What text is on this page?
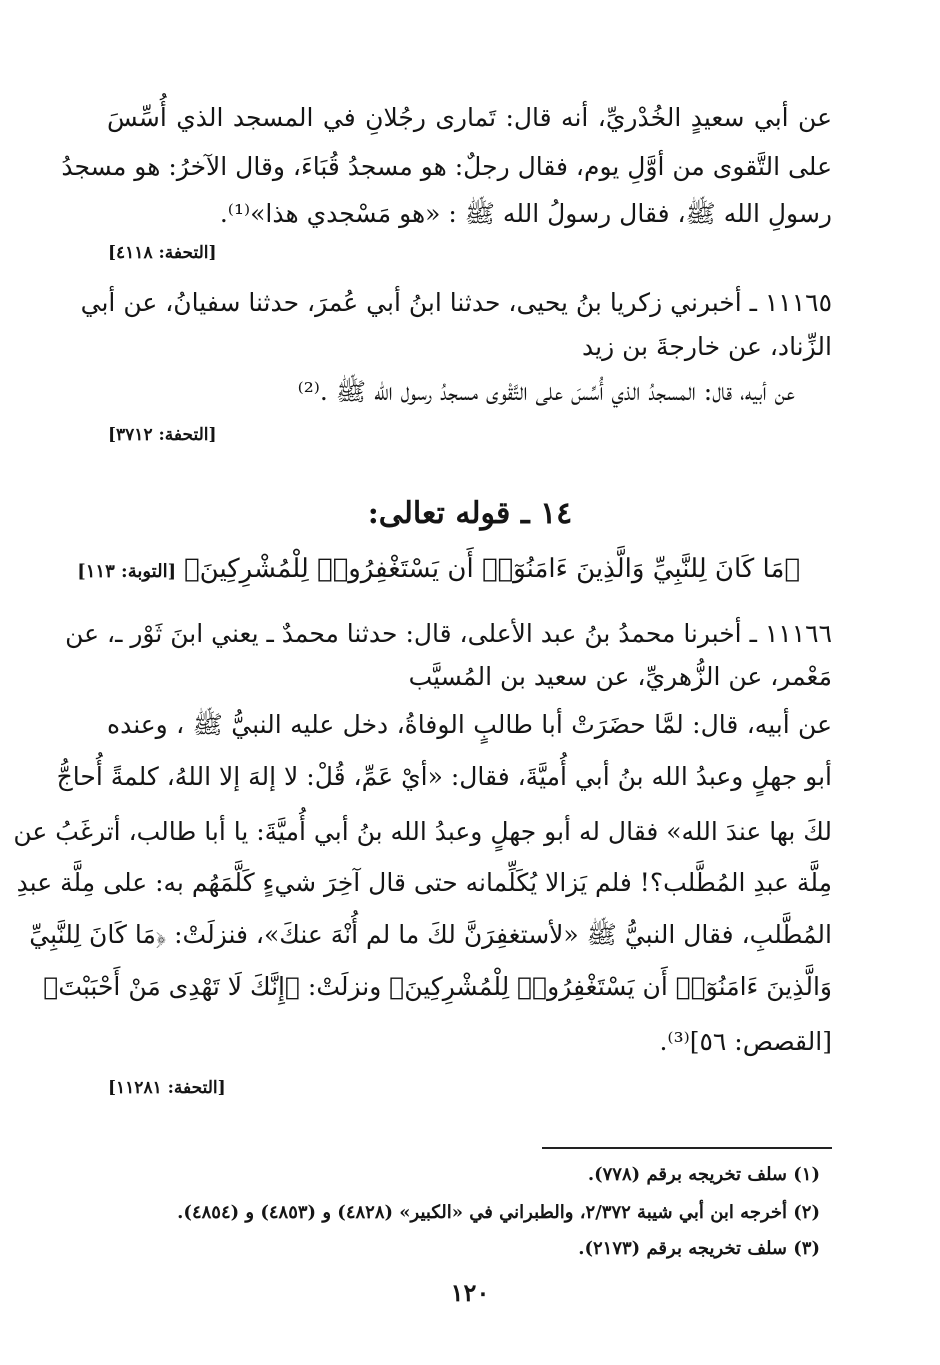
عن أبي سعيدٍ الخُدْريِّ، أنه قال: تَمارى رجُلانِ في المسجد الذي أُسِّسَ
على التَّقوى من أوَّلِ يوم، فقال رجلٌ: هو مسجدُ قُبَاءَ، وقال الآخرُ: هو مسجدُ
رسولِ الله ﷺ، فقال رسولُ الله ﷺ : «هو مَسْجدي هذا»⁽¹⁾.
[التحفة: ٤١١٨]
١١١٦٥ ـ أخبرني زكريا بنُ يحيى، حدثنا ابنُ أبي عُمرَ، حدثنا سفيانُ، عن أبي
الزِّناد، عن خارجةَ بن زيد
عن أبيه، قال: المسجدُ الذي أُسِّسَ على التَّقْوى مسجدُ رسول الله ﷺ .⁽²⁾
[التحفة: ٣٧١٢]
١٤ ـ قوله تعالى:
﴿مَا كَانَ لِلنَّبِيِّ وَالَّذِينَ ءَامَنُوٓا۟ أَن يَسْتَغْفِرُوا۟ لِلْمُشْرِكِينَ﴾ [التوبة: ١١٣]
١١١٦٦ ـ أخبرنا محمدُ بنُ عبد الأعلى، قال: حدثنا محمدٌ ـ يعني ابنَ ثَوْر ـ، عن
مَعْمر، عن الزُّهريِّ، عن سعيد بن المُسيَّب
عن أبيه، قال: لمَّا حضَرَتْ أبا طالبٍ الوفاةُ، دخل عليه النبيُّ ﷺ ، وعنده
أبو جهلٍ وعبدُ الله بنُ أبي أُميَّةَ، فقال: «أيْ عَمِّ، قُلْ: لا إلهَ إلا اللهُ، كلمةً أُحاجُّ
لكَ بها عندَ الله» فقال له أبو جهلٍ وعبدُ الله بنُ أبي أُميَّةَ: يا أبا طالب، أترغَبُ عن
مِلَّة عبدِ المُطَّلب؟! فلم يَزالا يُكَلِّمانه حتى قال آخِرَ شيءٍ كَلَّمَهُم به: على مِلَّة عبدِ
المُطَّلبِ، فقال النبيُّ ﷺ «لأستغفِرَنَّ لكَ ما لم أُنْهَ عنكَ»، فنزلَتْ: ﴿مَا كَانَ لِلنَّبِيِّ
وَالَّذِينَ ءَامَنُوٓا۟ أَن يَسْتَغْفِرُوا۟ لِلْمُشْرِكِينَ﴾ ونزلَتْ: ﴿إِنَّكَ لَا تَهْدِى مَنْ أَحْبَبْتَ﴾
[القصص: ٥٦]⁽³⁾.
[التحفة: ١١٢٨١]
(١) سلف تخريجه برقم (٧٧٨).
(٢) أخرجه ابن أبي شيبة ٢/٣٧٢، والطبراني في «الكبير» (٤٨٢٨) و (٤٨٥٣) و (٤٨٥٤).
(٣) سلف تخريجه برقم (٢١٧٣).
١٢٠
